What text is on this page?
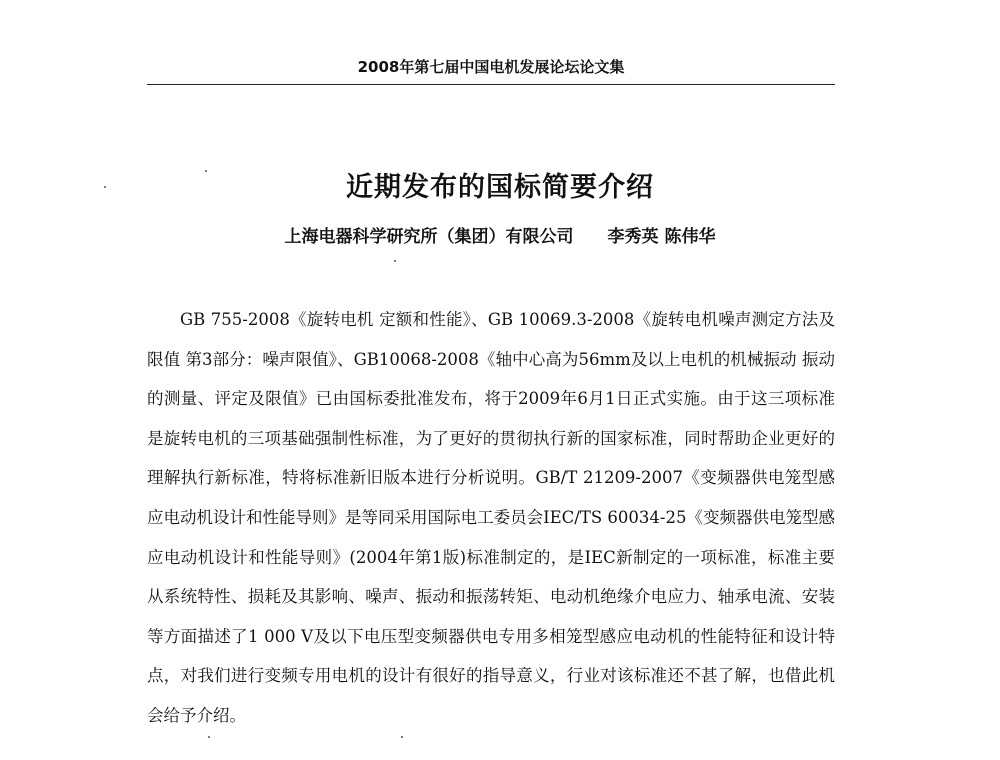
2008年第七届中国电机发展论坛论文集
近期发布的国标简要介绍
上海电器科学研究所（集团）有限公司 李秀英 陈伟华

GB 755-2008《旋转电机 定额和性能》、GB 10069.3-2008《旋转电机噪声测定方法及限值 第3部分：噪声限值》、GB10068-2008《轴中心高为56mm及以上电机的机械振动 振动的测量、评定及限值》已由国标委批准发布，将于2009年6月1日正式实施。由于这三项标准是旋转电机的三项基础强制性标准，为了更好的贯彻执行新的国家标准，同时帮助企业更好的理解执行新标准，特将标准新旧版本进行分析说明。GB/T 21209-2007《变频器供电笼型感应电动机设计和性能导则》是等同采用国际电工委员会IEC/TS 60034-25《变频器供电笼型感应电动机设计和性能导则》(2004年第1版)标准制定的，是IEC新制定的一项标准，标准主要从系统特性、损耗及其影响、噪声、振动和振荡转矩、电动机绝缘介电应力、轴承电流、安装等方面描述了1 000 V及以下电压型变频器供电专用多相笼型感应电动机的性能特征和设计特点，对我们进行变频专用电机的设计有很好的指导意义，行业对该标准还不甚了解，也借此机会给予介绍。
